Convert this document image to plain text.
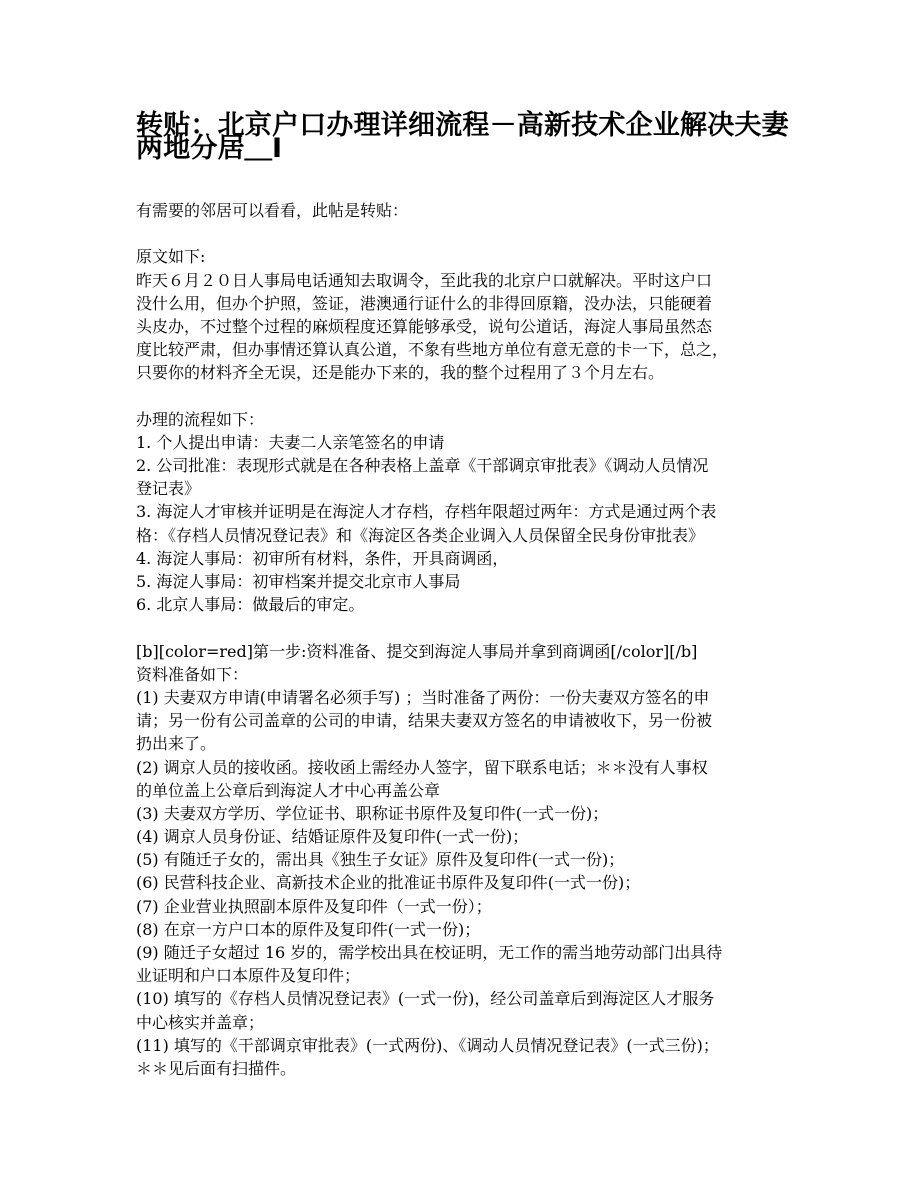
转贴：北京户口办理详细流程－高新技术企业解决夫妻
两地分居＿Ⅰ
有需要的邻居可以看看，此帖是转贴：
原文如下:
昨天６月２０日人事局电话通知去取调令，至此我的北京户口就解决。平时这户口
没什么用，但办个护照，签证，港澳通行证什么的非得回原籍，没办法，只能硬着
头皮办，不过整个过程的麻烦程度还算能够承受，说句公道话，海淀人事局虽然态
度比较严肃，但办事情还算认真公道，不象有些地方单位有意无意的卡一下，总之，
只要你的材料齐全无误，还是能办下来的，我的整个过程用了３个月左右。
办理的流程如下：
1. 个人提出申请：夫妻二人亲笔签名的申请
2. 公司批准：表现形式就是在各种表格上盖章《干部调京审批表》《调动人员情况
登记表》
3. 海淀人才审核并证明是在海淀人才存档，存档年限超过两年：方式是通过两个表
格：《存档人员情况登记表》和《海淀区各类企业调入人员保留全民身份审批表》
4. 海淀人事局：初审所有材料，条件，开具商调函，
5. 海淀人事局：初审档案并提交北京市人事局
6. 北京人事局：做最后的审定。
[b][color=red]第一步:资料准备、提交到海淀人事局并拿到商调函[/color][/b]
资料准备如下：
(1) 夫妻双方申请(申请署名必须手写) ；当时准备了两份：一份夫妻双方签名的申
请；另一份有公司盖章的公司的申请，结果夫妻双方签名的申请被收下，另一份被
扔出来了。
(2) 调京人员的接收函。接收函上需经办人签字，留下联系电话；＊＊没有人事权
的单位盖上公章后到海淀人才中心再盖公章
(3) 夫妻双方学历、学位证书、职称证书原件及复印件(一式一份)；
(4) 调京人员身份证、结婚证原件及复印件(一式一份)；
(5) 有随迁子女的，需出具《独生子女证》原件及复印件(一式一份)；
(6) 民营科技企业、高新技术企业的批准证书原件及复印件(一式一份)；
(7) 企业营业执照副本原件及复印件（一式一份）；
(8) 在京一方户口本的原件及复印件(一式一份)；
(9) 随迁子女超过 16 岁的，需学校出具在校证明，无工作的需当地劳动部门出具待
业证明和户口本原件及复印件；
(10) 填写的《存档人员情况登记表》(一式一份)，经公司盖章后到海淀区人才服务
中心核实并盖章；
(11) 填写的《干部调京审批表》(一式两份)、《调动人员情况登记表》(一式三份)；
＊＊见后面有扫描件。
